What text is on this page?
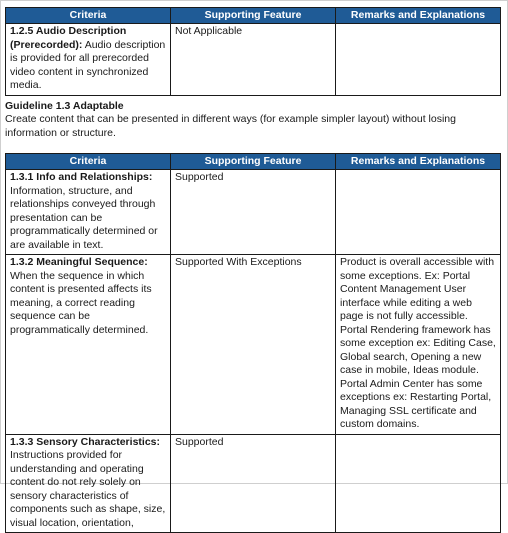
Criteria	Supporting Feature	Remarks and Explanations
1.2.5 Audio Description (Prerecorded): Audio description is provided for all prerecorded video content in synchronized media.	Not Applicable	
Guideline 1.3 Adaptable
Create content that can be presented in different ways (for example simpler layout) without losing information or structure.
Criteria	Supporting Feature	Remarks and Explanations
1.3.1 Info and Relationships: Information, structure, and relationships conveyed through presentation can be programmatically determined or are available in text.	Supported	
1.3.2 Meaningful Sequence: When the sequence in which content is presented affects its meaning, a correct reading sequence can be programmatically determined.	Supported With Exceptions	Product is overall accessible with some exceptions. Ex: Portal Content Management User interface while editing a web page is not fully accessible. Portal Rendering framework has some exception ex: Editing Case, Global search, Opening a new case in mobile, Ideas module. Portal Admin Center has some exceptions ex: Restarting Portal, Managing SSL certificate and custom domains.
1.3.3 Sensory Characteristics: Instructions provided for understanding and operating content do not rely solely on sensory characteristics of components such as shape, size, visual location, orientation,	Supported	
